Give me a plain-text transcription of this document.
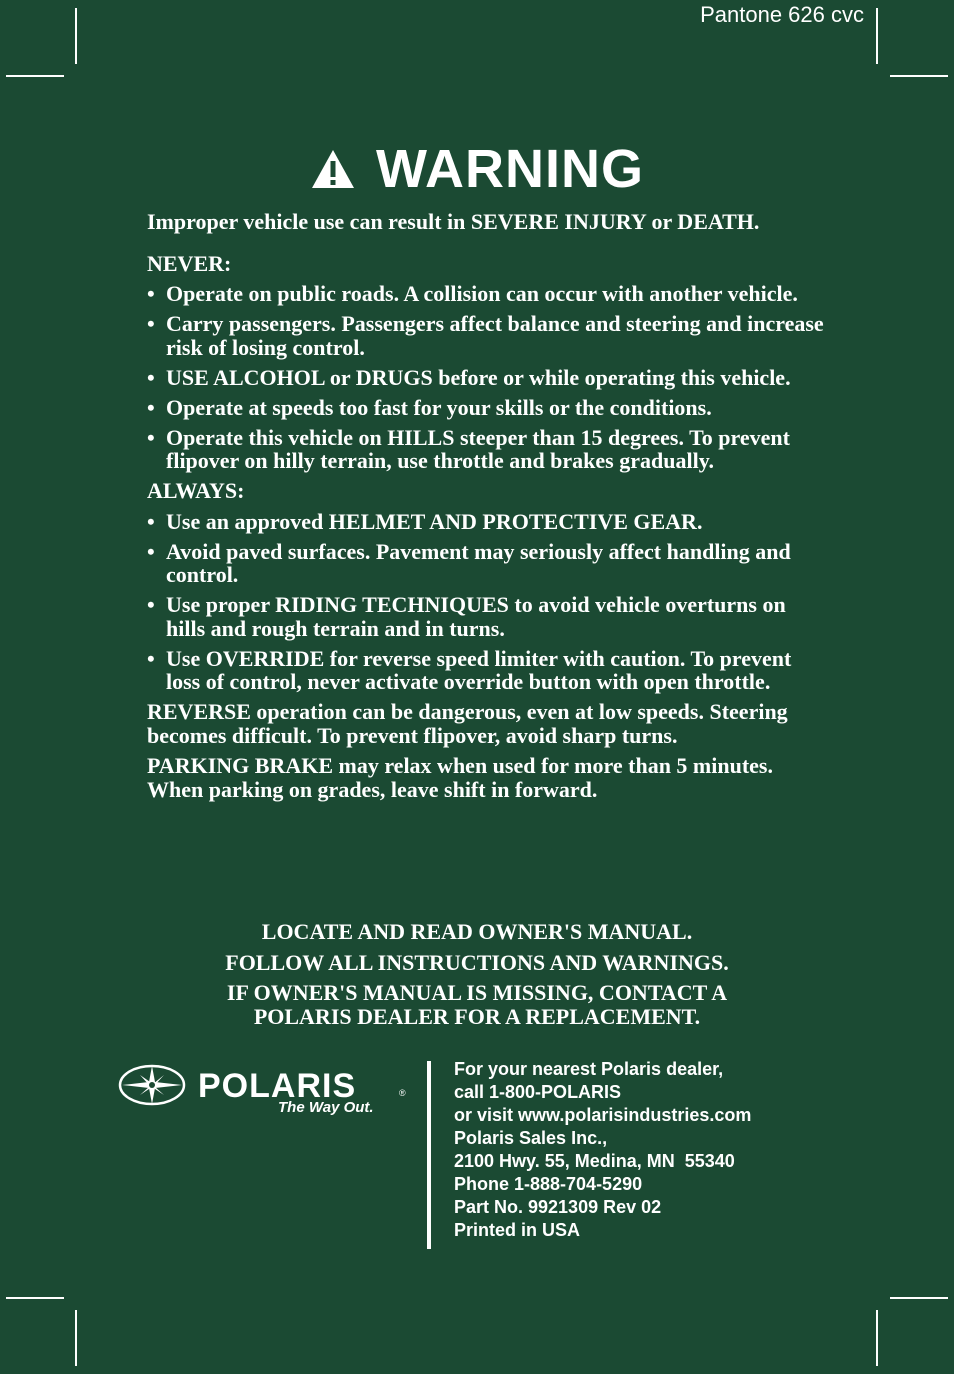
Pantone 626 cvc
WARNING

Improper vehicle use can result in SEVERE INJURY or DEATH.

NEVER:

• Operate on public roads. A collision can occur with another vehicle.
• Carry passengers. Passengers affect balance and steering and increase risk of losing control.
• USE ALCOHOL or DRUGS before or while operating this vehicle.
• Operate at speeds too fast for your skills or the conditions.
• Operate this vehicle on HILLS steeper than 15 degrees. To prevent flipover on hilly terrain, use throttle and brakes gradually.

ALWAYS:

• Use an approved HELMET AND PROTECTIVE GEAR.
• Avoid paved surfaces. Pavement may seriously affect handling and control.
• Use proper RIDING TECHNIQUES to avoid vehicle overturns on hills and rough terrain and in turns.
• Use OVERRIDE for reverse speed limiter with caution. To prevent loss of control, never activate override button with open throttle.

REVERSE operation can be dangerous, even at low speeds. Steering becomes difficult. To prevent flipover, avoid sharp turns.

PARKING BRAKE may relax when used for more than 5 minutes. When parking on grades, leave shift in forward.

LOCATE AND READ OWNER'S MANUAL.

FOLLOW ALL INSTRUCTIONS AND WARNINGS.

IF OWNER'S MANUAL IS MISSING, CONTACT A POLARIS DEALER FOR A REPLACEMENT.

POLARIS	®
The Way Out.
For your nearest Polaris dealer,
call 1-800-POLARIS
or visit www.polarisindustries.com
Polaris Sales Inc.,
2100 Hwy. 55, Medina, MN  55340
Phone 1-888-704-5290
Part No. 9921309 Rev 02
Printed in USA
